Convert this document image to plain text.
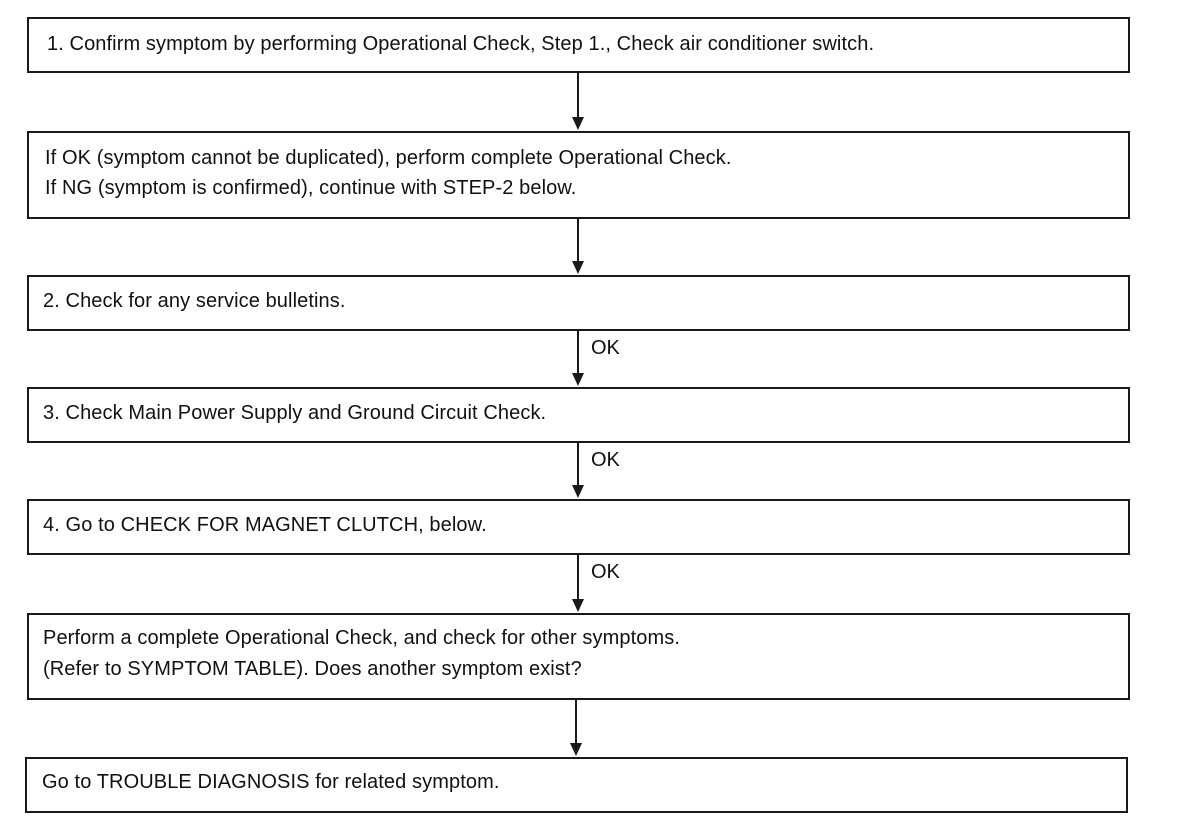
1. Confirm symptom by performing Operational Check, Step 1., Check air conditioner switch.
If OK (symptom cannot be duplicated), perform complete Operational Check.
If NG (symptom is confirmed), continue with STEP-2 below.
2. Check for any service bulletins.
OK
3. Check Main Power Supply and Ground Circuit Check.
OK
4. Go to CHECK FOR MAGNET CLUTCH, below.
OK
Perform a complete Operational Check, and check for other symptoms.
(Refer to SYMPTOM TABLE). Does another symptom exist?
Go to TROUBLE DIAGNOSIS for related symptom.
